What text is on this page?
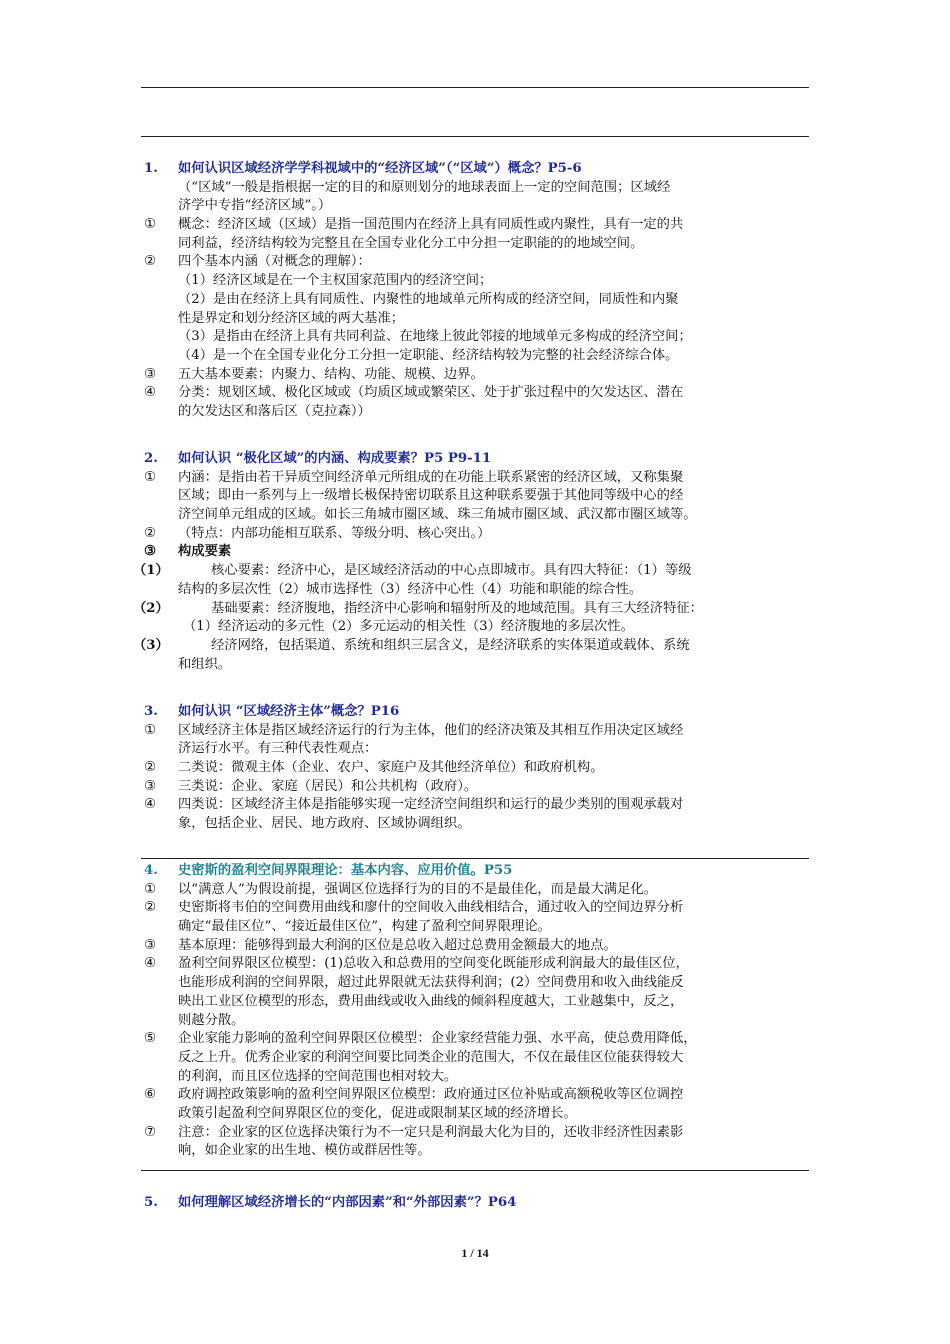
1. 如何认识区域经济学学科视域中的“经济区域”（“区域”）概念？P5-6
（“区域”一般是指根据一定的目的和原则划分的地球表面上一定的空间范围；区域经
济学中专指“经济区域”。）
① 概念：经济区域（区域）是指一国范围内在经济上具有同质性或内聚性，具有一定的共
同利益，经济结构较为完整且在全国专业化分工中分担一定职能的的地域空间。
② 四个基本内涵（对概念的理解）：
（1）经济区域是在一个主权国家范围内的经济空间；
（2）是由在经济上具有同质性、内聚性的地域单元所构成的经济空间，同质性和内聚
性是界定和划分经济区域的两大基准；
（3）是指由在经济上具有共同利益、在地缘上彼此邻接的地域单元多构成的经济空间；
（4）是一个在全国专业化分工分担一定职能、经济结构较为完整的社会经济综合体。
③ 五大基本要素：内聚力、结构、功能、规模、边界。
④ 分类：规划区域、极化区域或（均质区域或繁荣区、处于扩张过程中的欠发达区、潜在
的欠发达区和落后区（克拉森））
2. 如何认识 “极化区域”的内涵、构成要素？P5 P9-11
① 内涵：是指由若干异质空间经济单元所组成的在功能上联系紧密的经济区域，又称集聚
区域；即由一系列与上一级增长极保持密切联系且这种联系要强于其他同等级中心的经
济空间单元组成的区域。如长三角城市圈区域、珠三角城市圈区域、武汉都市圈区域等。
② （特点：内部功能相互联系、等级分明、核心突出。）
③ 构成要素
（1）	核心要素：经济中心，是区域经济活动的中心点即城市。具有四大特征：（1）等级
结构的多层次性（2）城市选择性（3）经济中心性（4）功能和职能的综合性。
（2）	基础要素：经济腹地，指经济中心影响和辐射所及的地域范围。具有三大经济特征：
（1）经济运动的多元性（2）多元运动的相关性（3）经济腹地的多层次性。
（3）	经济网络，包括渠道、系统和组织三层含义，是经济联系的实体渠道或载体、系统
和组织。
3. 如何认识 “区域经济主体”概念？P16
① 区域经济主体是指区域经济运行的行为主体，他们的经济决策及其相互作用决定区域经
济运行水平。有三种代表性观点：
② 二类说：微观主体（企业、农户、家庭户及其他经济单位）和政府机构。
③ 三类说：企业、家庭（居民）和公共机构（政府）。
④ 四类说：区域经济主体是指能够实现一定经济空间组织和运行的最少类别的围观承载对
象，包括企业、居民、地方政府、区域协调组织。
4. 史密斯的盈利空间界限理论：基本内容、应用价值。P55
① 以“满意人”为假设前提，强调区位选择行为的目的不是最佳化，而是最大满足化。
② 史密斯将韦伯的空间费用曲线和廖什的空间收入曲线相结合，通过收入的空间边界分析
确定“最佳区位”、“接近最佳区位”，构建了盈利空间界限理论。
③ 基本原理：能够得到最大利润的区位是总收入超过总费用金额最大的地点。
④ 盈利空间界限区位模型：(1)总收入和总费用的空间变化既能形成利润最大的最佳区位，
也能形成利润的空间界限，超过此界限就无法获得利润；(2）空间费用和收入曲线能反
映出工业区位模型的形态，费用曲线或收入曲线的倾斜程度越大，工业越集中，反之，
则越分散。
⑤ 企业家能力影响的盈利空间界限区位模型：企业家经营能力强、水平高，使总费用降低，
反之上升。优秀企业家的利润空间要比同类企业的范围大，不仅在最佳区位能获得较大
的利润，而且区位选择的空间范围也相对较大。
⑥ 政府调控政策影响的盈利空间界限区位模型：政府通过区位补贴或高额税收等区位调控
政策引起盈利空间界限区位的变化，促进或限制某区域的经济增长。
⑦ 注意：企业家的区位选择决策行为不一定只是利润最大化为目的，还收非经济性因素影
响，如企业家的出生地、模仿或群居性等。
5. 如何理解区域经济增长的“内部因素”和“外部因素”？P64
1 / 14
